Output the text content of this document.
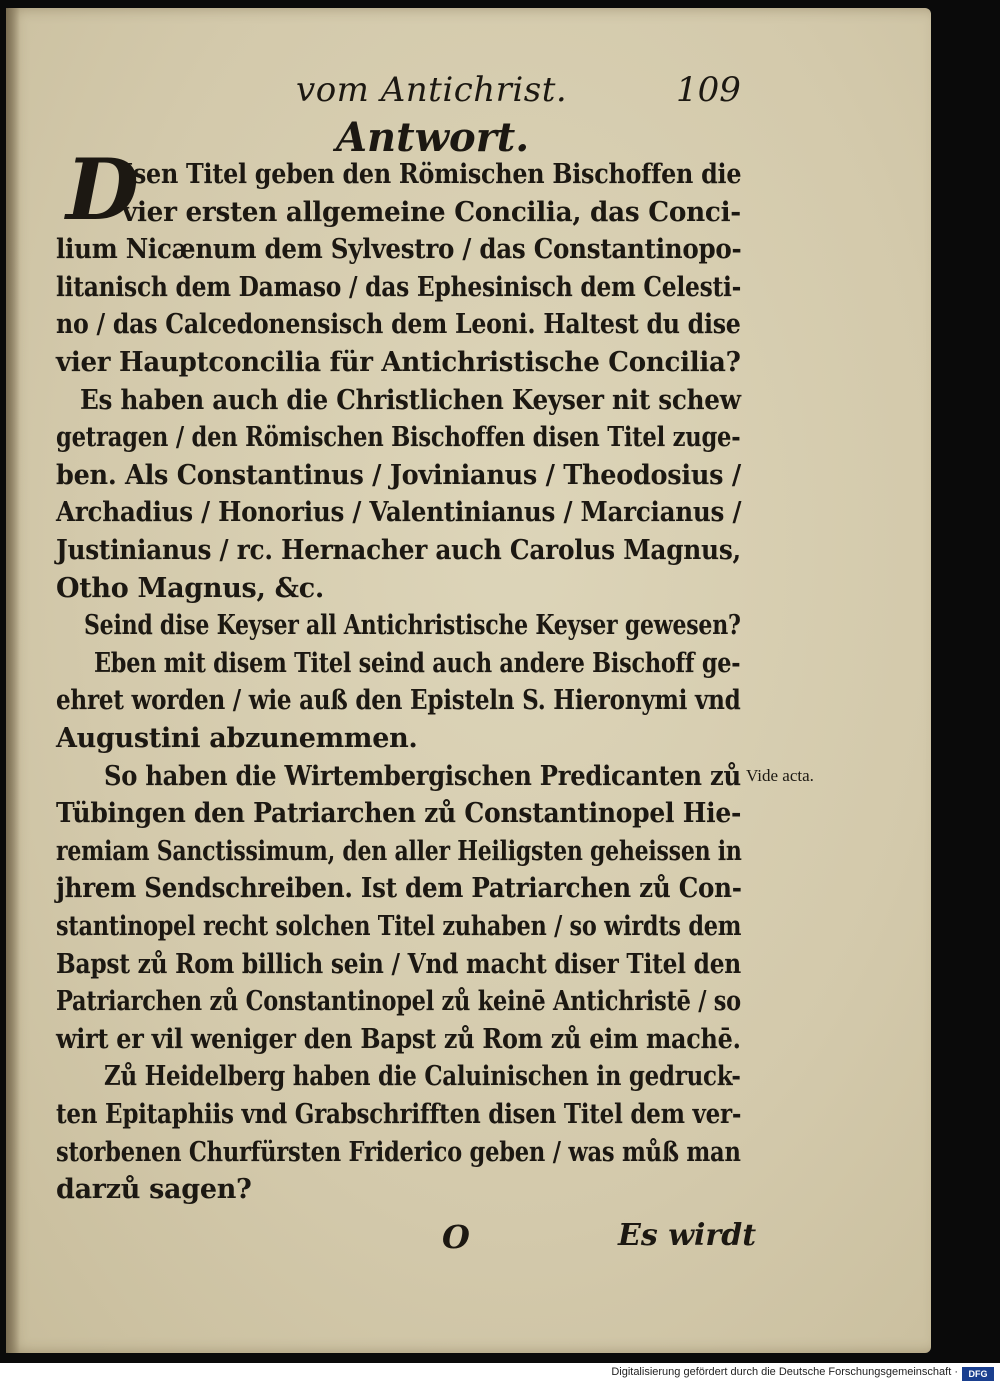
vom Antichrist.	109
Antwort.
D
Isen Titel geben den Römischen Bischoffen die
vier ersten allgemeine Concilia, das Conci-
lium Nicænum dem Sylvestro / das Constantinopo-
litanisch dem Damaso / das Ephesinisch dem Celesti-
no / das Calcedonensisch dem Leoni. Haltest du dise
vier Hauptconcilia für Antichristische Concilia?
Es haben auch die Christlichen Keyser nit schew
getragen / den Römischen Bischoffen disen Titel zuge-
ben. Als Constantinus / Jovinianus / Theodosius /
Archadius / Honorius / Valentinianus / Marcianus /
Justinianus / rc. Hernacher auch Carolus Magnus,
Otho Magnus, &c.
Seind dise Keyser all Antichristische Keyser gewesen?
Eben mit disem Titel seind auch andere Bischoff ge-
ehret worden / wie auß den Episteln S. Hieronymi vnd
Augustini abzunemmen.
So haben die Wirtembergischen Predicanten zů
Tübingen den Patriarchen zů Constantinopel Hie-
remiam Sanctissimum, den aller Heiligsten geheissen in
jhrem Sendschreiben. Ist dem Patriarchen zů Con-
stantinopel recht solchen Titel zuhaben / so wirdts dem
Bapst zů Rom billich sein / Vnd macht diser Titel den
Patriarchen zů Constantinopel zů keinē Antichristē / so
wirt er vil weniger den Bapst zů Rom zů eim machē.
Zů Heidelberg haben die Caluinischen in gedruck-
ten Epitaphiis vnd Grabschrifften disen Titel dem ver-
storbenen Churfürsten Friderico geben / was můß man
darzů sagen?
Vide acta.
O	Es wirdt
Digitalisierung gefördert durch die Deutsche Forschungsgemeinschaft ·	DFG
